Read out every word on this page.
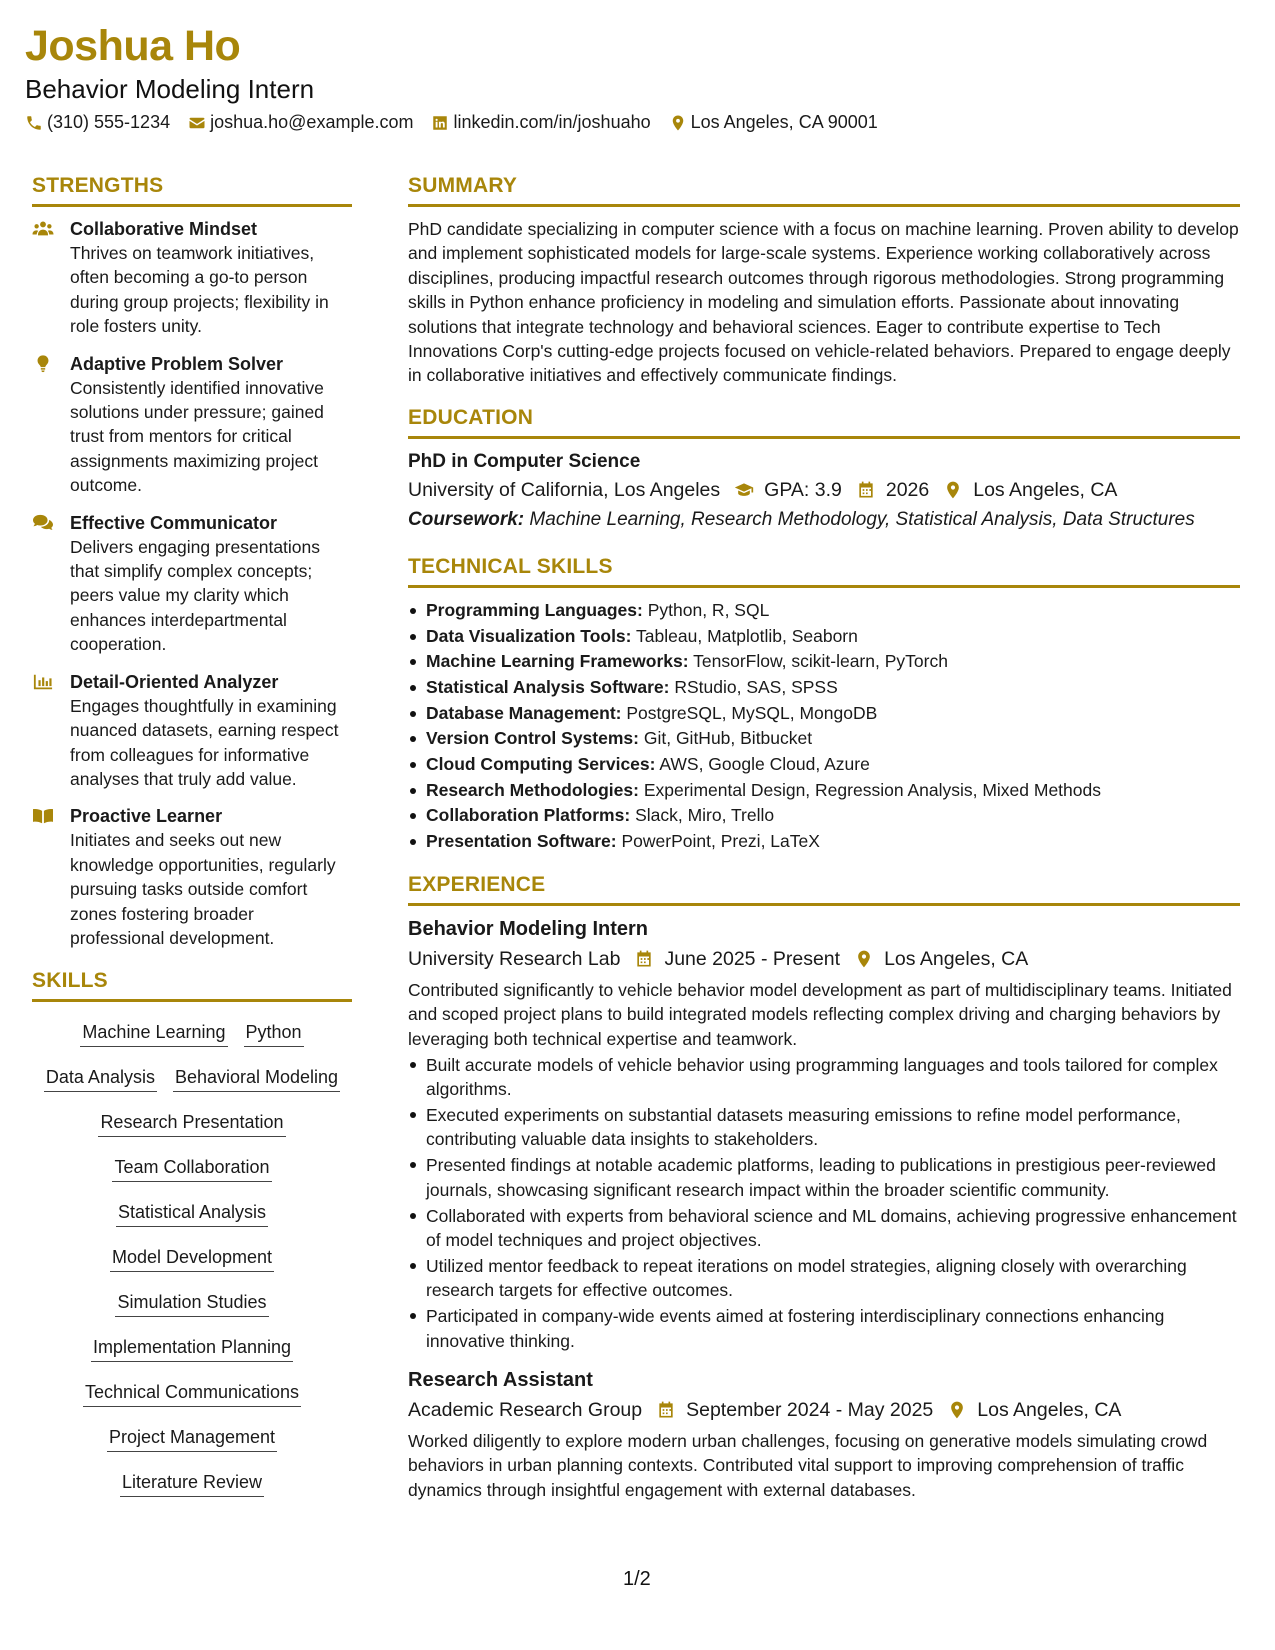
Joshua Ho
Behavior Modeling Intern
(310) 555-1234 joshua.ho@example.com linkedin.com/in/joshuaho Los Angeles, CA 90001
STRENGTHS
Collaborative Mindset
Thrives on teamwork initiatives, often becoming a go-to person during group projects; flexibility in role fosters unity.
Adaptive Problem Solver
Consistently identified innovative solutions under pressure; gained trust from mentors for critical assignments maximizing project outcome.
Effective Communicator
Delivers engaging presentations that simplify complex concepts; peers value my clarity which enhances interdepartmental cooperation.
Detail-Oriented Analyzer
Engages thoughtfully in examining nuanced datasets, earning respect from colleagues for informative analyses that truly add value.
Proactive Learner
Initiates and seeks out new knowledge opportunities, regularly pursuing tasks outside comfort zones fostering broader professional development.
SKILLS
Machine Learning Python
Data Analysis Behavioral Modeling
Research Presentation
Team Collaboration
Statistical Analysis
Model Development
Simulation Studies
Implementation Planning
Technical Communications
Project Management
Literature Review
SUMMARY
PhD candidate specializing in computer science with a focus on machine learning. Proven ability to develop and implement sophisticated models for large-scale systems. Experience working collaboratively across disciplines, producing impactful research outcomes through rigorous methodologies. Strong programming skills in Python enhance proficiency in modeling and simulation efforts. Passionate about innovating solutions that integrate technology and behavioral sciences. Eager to contribute expertise to Tech Innovations Corp's cutting-edge projects focused on vehicle-related behaviors. Prepared to engage deeply in collaborative initiatives and effectively communicate findings.
EDUCATION
PhD in Computer Science
University of California, Los Angeles GPA: 3.9 2026 Los Angeles, CA
Coursework: Machine Learning, Research Methodology, Statistical Analysis, Data Structures
TECHNICAL SKILLS
Programming Languages: Python, R, SQL
Data Visualization Tools: Tableau, Matplotlib, Seaborn
Machine Learning Frameworks: TensorFlow, scikit-learn, PyTorch
Statistical Analysis Software: RStudio, SAS, SPSS
Database Management: PostgreSQL, MySQL, MongoDB
Version Control Systems: Git, GitHub, Bitbucket
Cloud Computing Services: AWS, Google Cloud, Azure
Research Methodologies: Experimental Design, Regression Analysis, Mixed Methods
Collaboration Platforms: Slack, Miro, Trello
Presentation Software: PowerPoint, Prezi, LaTeX
EXPERIENCE
Behavior Modeling Intern
University Research Lab June 2025 - Present Los Angeles, CA
Contributed significantly to vehicle behavior model development as part of multidisciplinary teams. Initiated and scoped project plans to build integrated models reflecting complex driving and charging behaviors by leveraging both technical expertise and teamwork.
Built accurate models of vehicle behavior using programming languages and tools tailored for complex algorithms.
Executed experiments on substantial datasets measuring emissions to refine model performance, contributing valuable data insights to stakeholders.
Presented findings at notable academic platforms, leading to publications in prestigious peer-reviewed journals, showcasing significant research impact within the broader scientific community.
Collaborated with experts from behavioral science and ML domains, achieving progressive enhancement of model techniques and project objectives.
Utilized mentor feedback to repeat iterations on model strategies, aligning closely with overarching research targets for effective outcomes.
Participated in company-wide events aimed at fostering interdisciplinary connections enhancing innovative thinking.
Research Assistant
Academic Research Group September 2024 - May 2025 Los Angeles, CA
Worked diligently to explore modern urban challenges, focusing on generative models simulating crowd behaviors in urban planning contexts. Contributed vital support to improving comprehension of traffic dynamics through insightful engagement with external databases.
1/2
